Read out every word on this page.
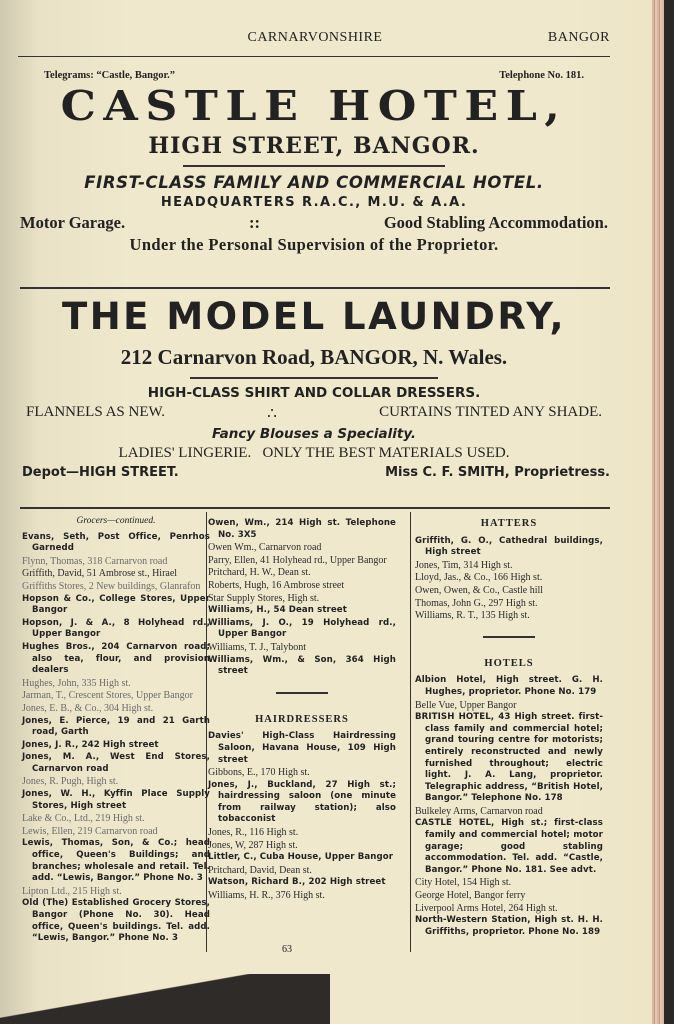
CARNARVONSHIRE	BANGOR
Telegrams: “Castle, Bangor.”	Telephone No. 181.
CASTLE HOTEL,
HIGH STREET, BANGOR.
FIRST-CLASS FAMILY AND COMMERCIAL HOTEL.
HEADQUARTERS R.A.C., M.U. & A.A.
Motor Garage.	::	Good Stabling Accommodation.
Under the Personal Supervision of the Proprietor.
THE MODEL LAUNDRY,
212 Carnarvon Road, BANGOR, N. Wales.
HIGH-CLASS SHIRT AND COLLAR DRESSERS.
FLANNELS AS NEW.	∴	CURTAINS TINTED ANY SHADE.
Fancy Blouses a Speciality.
LADIES' LINGERIE.   ONLY THE BEST MATERIALS USED.
Depot—HIGH STREET.	Miss C. F. SMITH, Proprietress.
Grocers—continued.
Evans, Seth, Post Office, Penrhos Garnedd
Flynn, Thomas, 318 Carnarvon road
Griffith, David, 51 Ambrose st., Hirael
Griffiths Stores, 2 New buildings, Glanrafon
Hopson & Co., College Stores, Upper Bangor
Hopson, J. & A., 8 Holyhead rd., Upper Bangor
Hughes Bros., 204 Carnarvon road; also tea, flour, and provision dealers
Hughes, John, 335 High st.
Jarman, T., Crescent Stores, Upper Bangor
Jones, E. B., & Co., 304 High st.
Jones, E. Pierce, 19 and 21 Garth road, Garth
Jones, J. R., 242 High street
Jones, M. A., West End Stores, Carnarvon road
Jones, R. Pugh, High st.
Jones, W. H., Kyffin Place Supply Stores, High street
Lake & Co., Ltd., 219 High st.
Lewis, Ellen, 219 Carnarvon road
Lewis, Thomas, Son, & Co.; head office, Queen's Buildings; and branches; wholesale and retail. Tel. add. “Lewis, Bangor.” Phone No. 3
Lipton Ltd., 215 High st.
Old (The) Established Grocery Stores, Bangor (Phone No. 30). Head office, Queen's buildings. Tel. add. “Lewis, Bangor.” Phone No. 3
Owen, Wm., 214 High st. Telephone No. 3X5
Owen Wm., Carnarvon road
Parry, Ellen, 41 Holyhead rd., Upper Bangor
Pritchard, H. W., Dean st.
Roberts, Hugh, 16 Ambrose street
Star Supply Stores, High st.
Williams, H., 54 Dean street
Williams, J. O., 19 Holyhead rd., Upper Bangor
Williams, T. J., Talybont
Williams, Wm., & Son, 364 High street
HAIRDRESSERS
Davies' High-Class Hairdressing Saloon, Havana House, 109 High street
Gibbons, E., 170 High st.
Jones, J., Buckland, 27 High st.; hairdressing saloon (one minute from railway station); also tobacconist
Jones, R., 116 High st.
Jones, W, 287 High st.
Littler, C., Cuba House, Upper Bangor
Pritchard, David, Dean st.
Watson, Richard B., 202 High street
Williams, H. R., 376 High st.
HATTERS
Griffith, G. O., Cathedral buildings, High street
Jones, Tim, 314 High st.
Lloyd, Jas., & Co., 166 High st.
Owen, Owen, & Co., Castle hill
Thomas, John G., 297 High st.
Williams, R. T., 135 High st.
HOTELS
Albion Hotel, High street. G. H. Hughes, proprietor. Phone No. 179
Belle Vue, Upper Bangor
BRITISH HOTEL, 43 High street. first-class family and commercial hotel; grand touring centre for motorists; entirely reconstructed and newly furnished throughout; electric light. J. A. Lang, proprietor. Telegraphic address, “British Hotel, Bangor.” Telephone No. 178
Bulkeley Arms, Carnarvon road
CASTLE HOTEL, High st.; first-class family and commercial hotel; motor garage; good stabling accommodation. Tel. add. “Castle, Bangor.” Phone No. 181. See advt.
City Hotel, 154 High st.
George Hotel, Bangor ferry
Liverpool Arms Hotel, 264 High st.
North-Western Station, High st. H. H. Griffiths, proprietor. Phone No. 189
63
